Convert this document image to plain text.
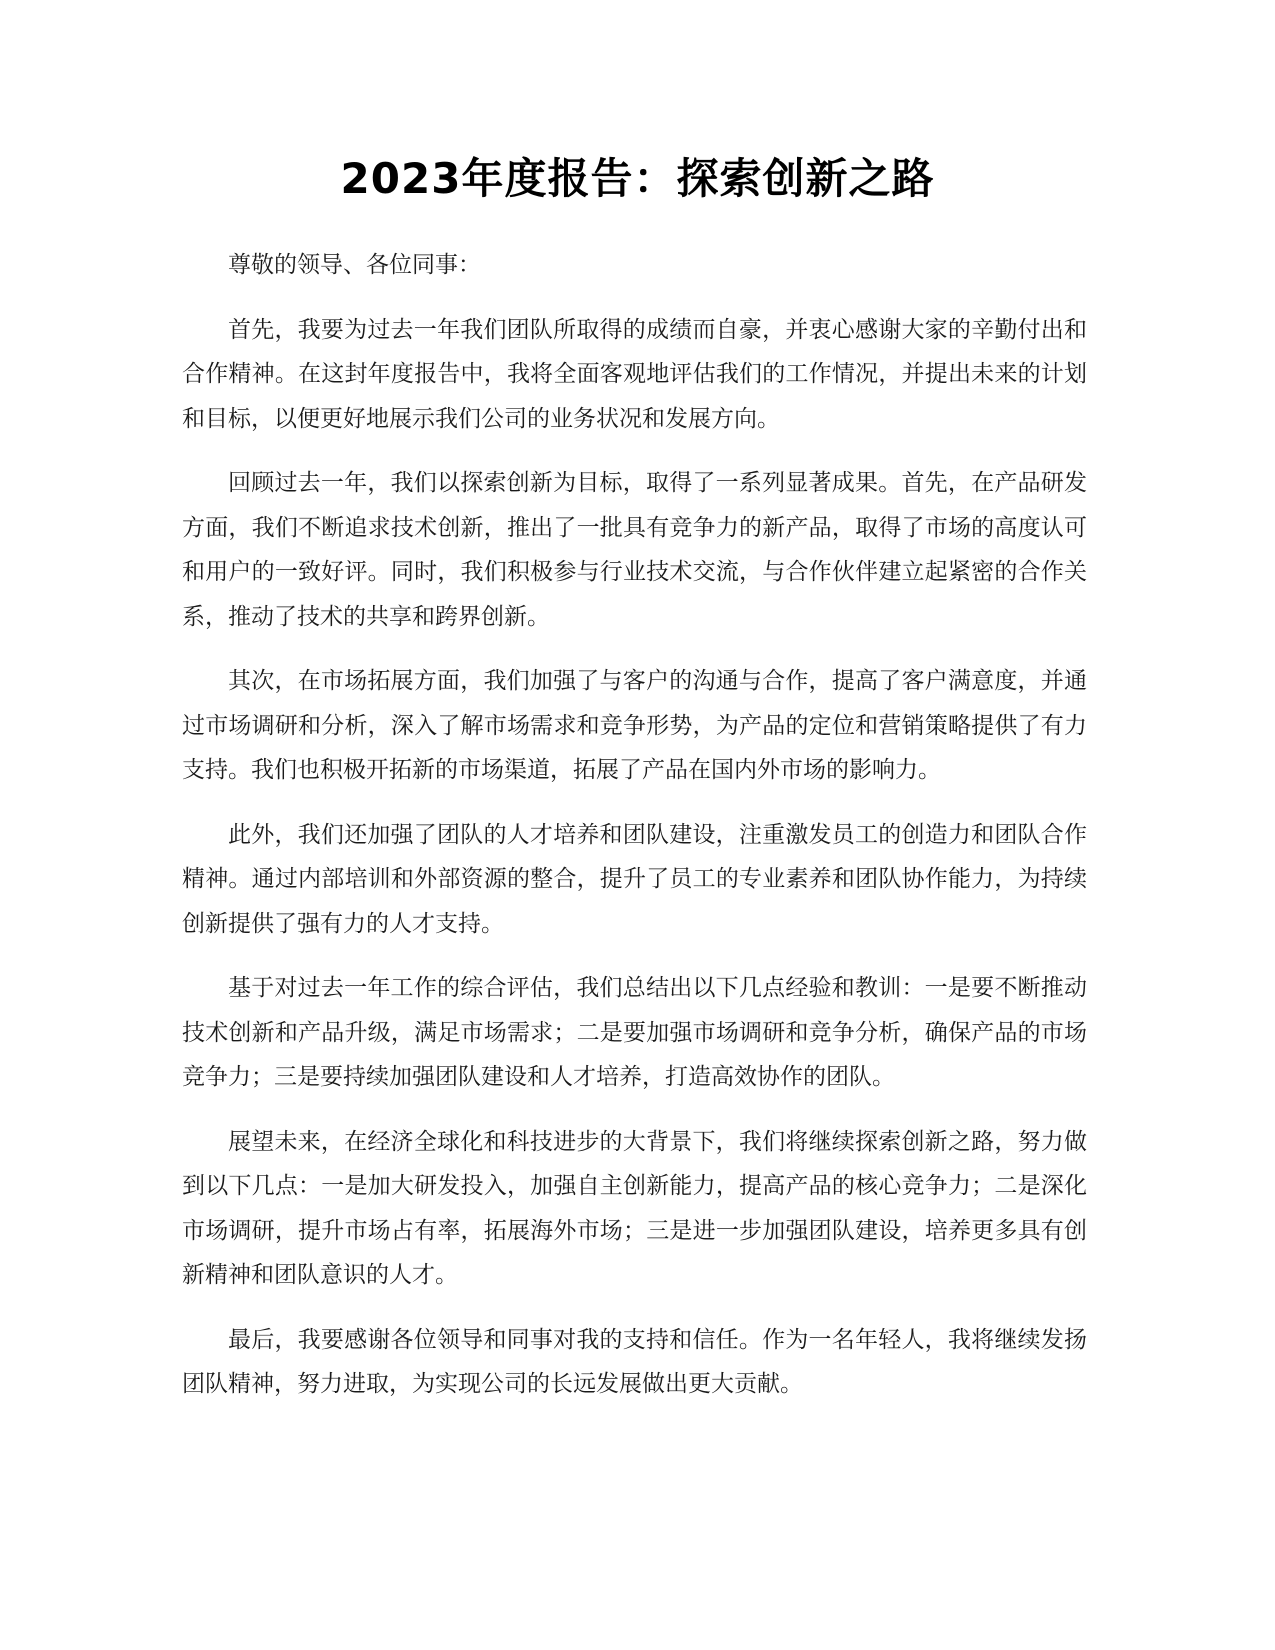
2023年度报告：探索创新之路

尊敬的领导、各位同事：

首先，我要为过去一年我们团队所取得的成绩而自豪，并衷心感谢大家的辛勤付出和合作精神。在这封年度报告中，我将全面客观地评估我们的工作情况，并提出未来的计划和目标，以便更好地展示我们公司的业务状况和发展方向。

回顾过去一年，我们以探索创新为目标，取得了一系列显著成果。首先，在产品研发方面，我们不断追求技术创新，推出了一批具有竞争力的新产品，取得了市场的高度认可和用户的一致好评。同时，我们积极参与行业技术交流，与合作伙伴建立起紧密的合作关系，推动了技术的共享和跨界创新。

其次，在市场拓展方面，我们加强了与客户的沟通与合作，提高了客户满意度，并通过市场调研和分析，深入了解市场需求和竞争形势，为产品的定位和营销策略提供了有力支持。我们也积极开拓新的市场渠道，拓展了产品在国内外市场的影响力。

此外，我们还加强了团队的人才培养和团队建设，注重激发员工的创造力和团队合作精神。通过内部培训和外部资源的整合，提升了员工的专业素养和团队协作能力，为持续创新提供了强有力的人才支持。

基于对过去一年工作的综合评估，我们总结出以下几点经验和教训：一是要不断推动技术创新和产品升级，满足市场需求；二是要加强市场调研和竞争分析，确保产品的市场竞争力；三是要持续加强团队建设和人才培养，打造高效协作的团队。

展望未来，在经济全球化和科技进步的大背景下，我们将继续探索创新之路，努力做到以下几点：一是加大研发投入，加强自主创新能力，提高产品的核心竞争力；二是深化市场调研，提升市场占有率，拓展海外市场；三是进一步加强团队建设，培养更多具有创新精神和团队意识的人才。

最后，我要感谢各位领导和同事对我的支持和信任。作为一名年轻人，我将继续发扬团队精神，努力进取，为实现公司的长远发展做出更大贡献。
